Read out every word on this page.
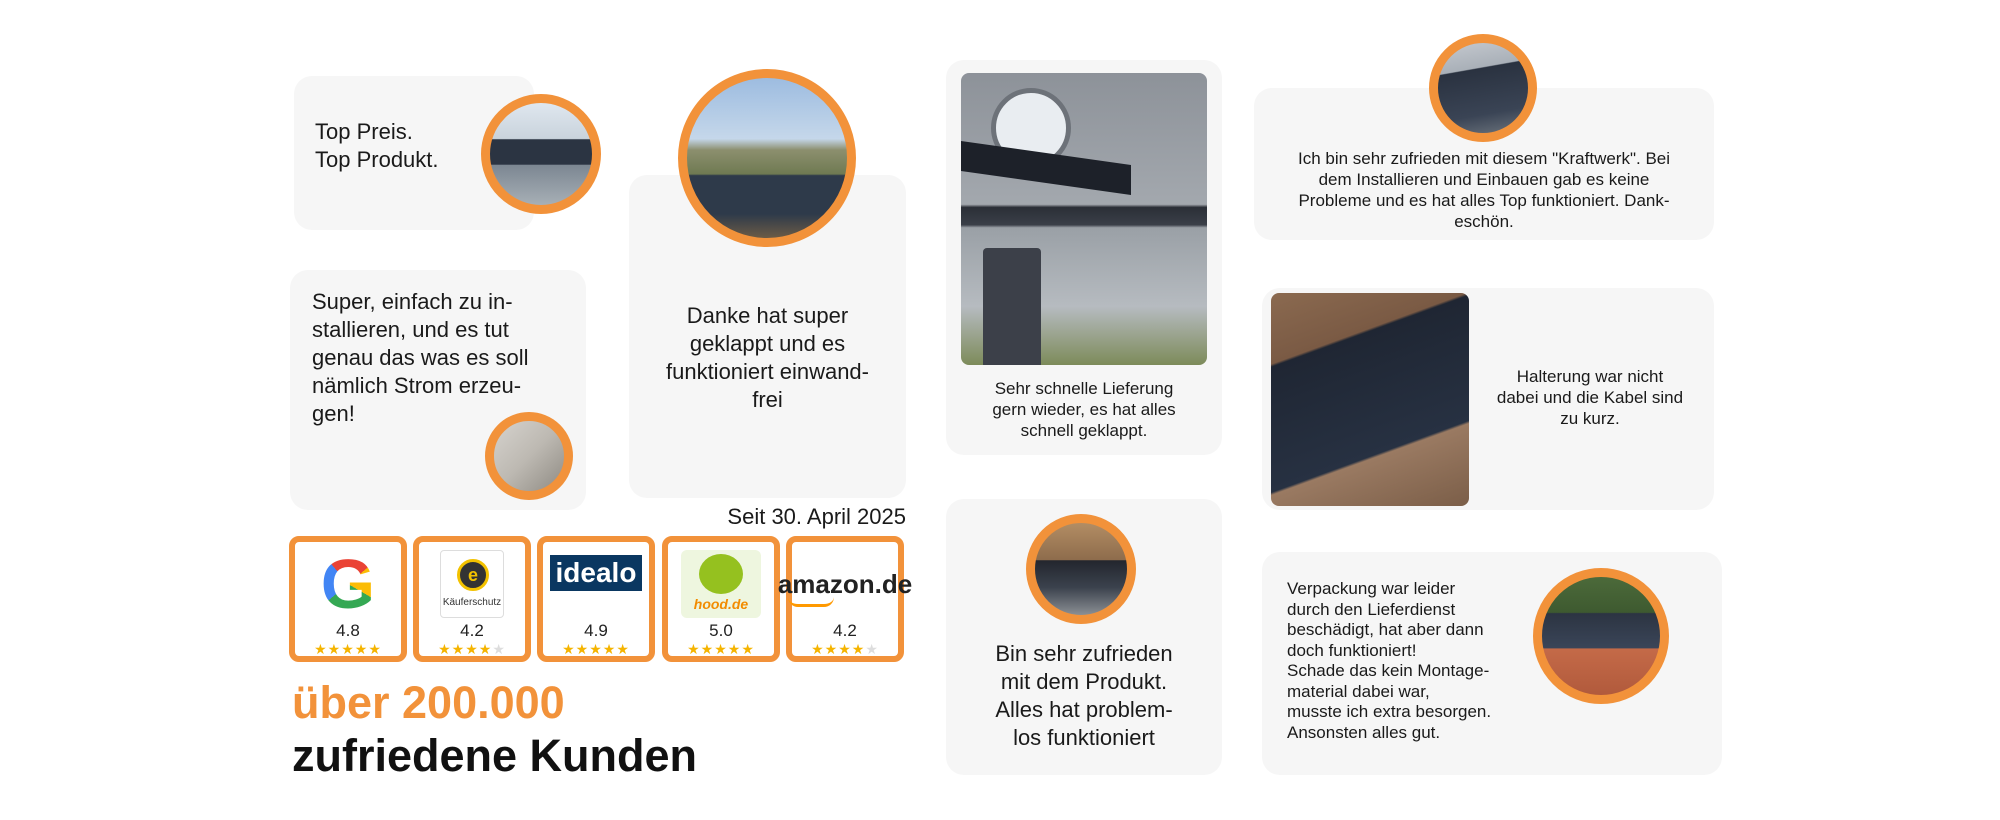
Top Preis.
Top Produkt.
Super, einfach zu in-
stallieren, und es tut
genau das was es soll
nämlich Strom erzeu-
gen!
Danke hat super
geklappt und es
funktioniert einwand-
frei
Seit 30. April 2025
G
4.8
★★★★★
e
Käuferschutz
4.2
★★★★★
idealo
4.9
★★★★★
hood.de
5.0
★★★★★
amazon.de
4.2
★★★★★
über 200.000
zufriedene Kunden
Sehr schnelle Lieferung
gern wieder, es hat alles
schnell geklappt.
Bin sehr zufrieden
mit dem Produkt.
Alles hat problem-
los funktioniert
Ich bin sehr zufrieden mit diesem "Kraftwerk". Bei
dem Installieren und Einbauen gab es keine
Probleme und es hat alles Top funktioniert. Dank-
eschön.
Halterung war nicht
dabei und die Kabel sind
zu kurz.
Verpackung war leider
durch den Lieferdienst
beschädigt, hat aber dann
doch funktioniert!
Schade das kein Montage-
material dabei war,
musste ich extra besorgen.
Ansonsten alles gut.
